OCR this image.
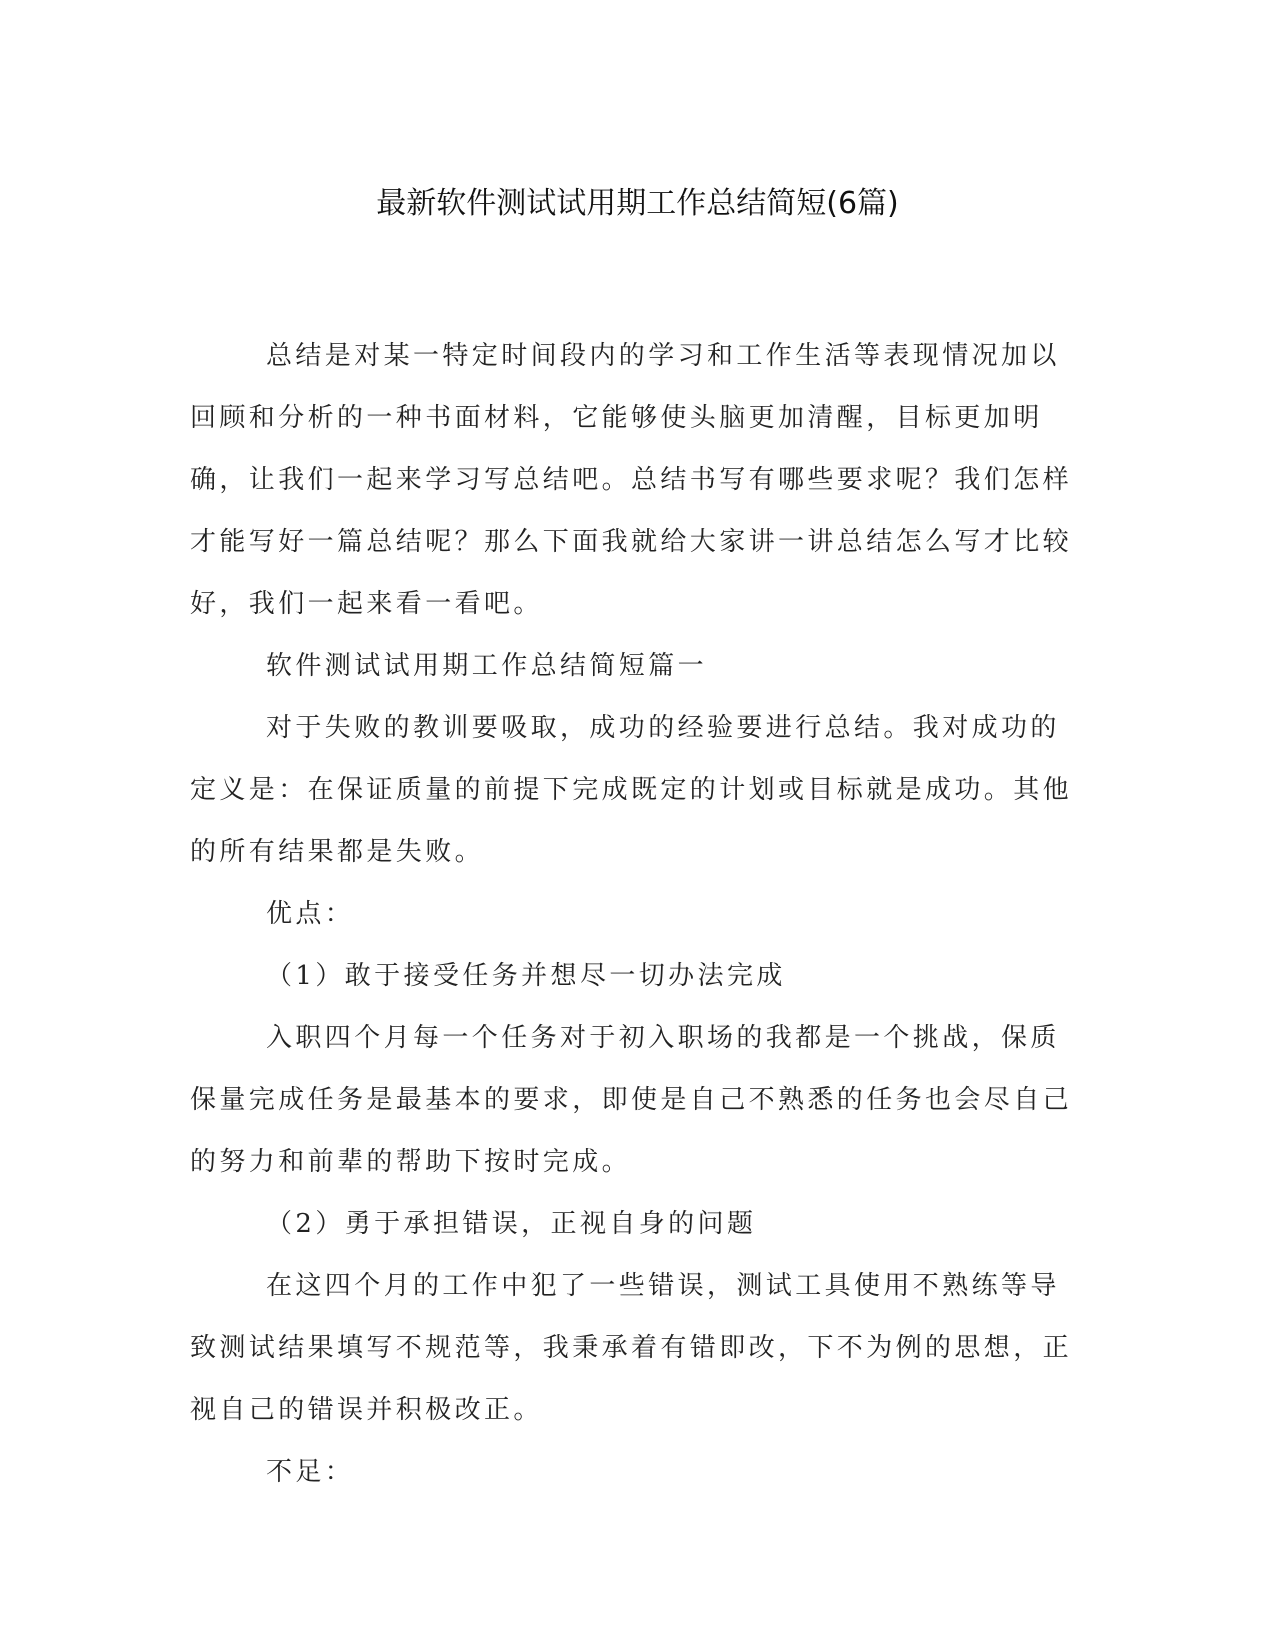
最新软件测试试用期工作总结简短(6篇)

总结是对某一特定时间段内的学习和工作生活等表现情况加以回顾和分析的一种书面材料，它能够使头脑更加清醒，目标更加明确，让我们一起来学习写总结吧。总结书写有哪些要求呢？我们怎样才能写好一篇总结呢？那么下面我就给大家讲一讲总结怎么写才比较好，我们一起来看一看吧。

软件测试试用期工作总结简短篇一

对于失败的教训要吸取，成功的经验要进行总结。我对成功的定义是：在保证质量的前提下完成既定的计划或目标就是成功。其他的所有结果都是失败。

优点：

（1）敢于接受任务并想尽一切办法完成

入职四个月每一个任务对于初入职场的我都是一个挑战，保质保量完成任务是最基本的要求，即使是自己不熟悉的任务也会尽自己的努力和前辈的帮助下按时完成。

（2）勇于承担错误，正视自身的问题

在这四个月的工作中犯了一些错误，测试工具使用不熟练等导致测试结果填写不规范等，我秉承着有错即改，下不为例的思想，正视自己的错误并积极改正。

不足：
